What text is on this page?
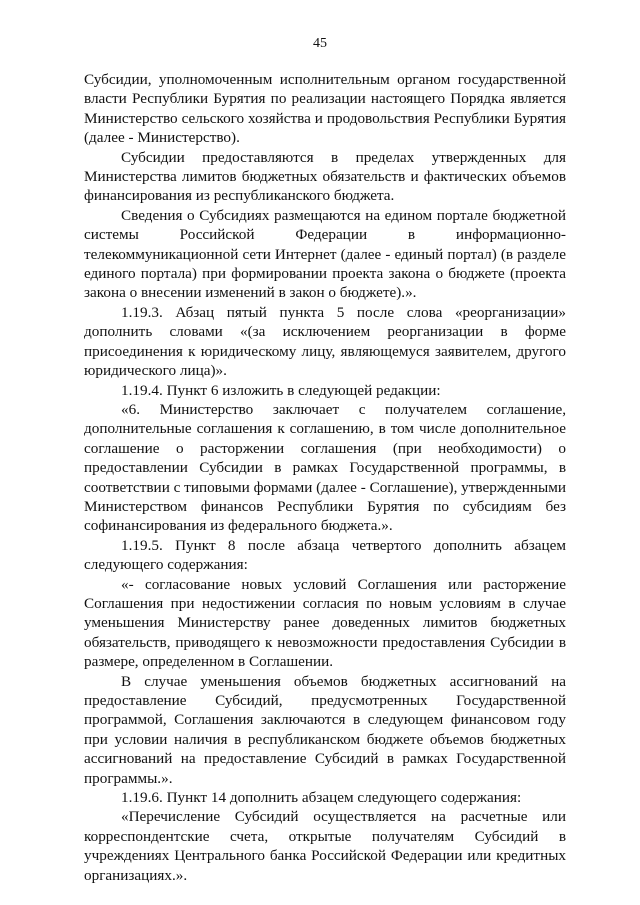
45

Субсидии, уполномоченным исполнительным органом государственной власти Республики Бурятия по реализации настоящего Порядка является Министерство сельского хозяйства и продовольствия Республики Бурятия (далее - Министерство).

Субсидии предоставляются в пределах утвержденных для Министерства лимитов бюджетных обязательств и фактических объемов финансирования из республиканского бюджета.

Сведения о Субсидиях размещаются на едином портале бюджетной системы Российской Федерации в информационно-телекоммуникационной сети Интернет (далее - единый портал) (в разделе единого портала) при формировании проекта закона о бюджете (проекта закона о внесении изменений в закон о бюджете).».

1.19.3. Абзац пятый пункта 5 после слова «реорганизации» дополнить словами «(за исключением реорганизации в форме присоединения к юридическому лицу, являющемуся заявителем, другого юридического лица)».

1.19.4. Пункт 6 изложить в следующей редакции:

«6. Министерство заключает с получателем соглашение, дополнительные соглашения к соглашению, в том числе дополнительное соглашение о расторжении соглашения (при необходимости) о предоставлении Субсидии в рамках Государственной программы, в соответствии с типовыми формами (далее - Соглашение), утвержденными Министерством финансов Республики Бурятия по субсидиям без софинансирования из федерального бюджета.».

1.19.5. Пункт 8 после абзаца четвертого дополнить абзацем следующего содержания:

«- согласование новых условий Соглашения или расторжение Соглашения при недостижении согласия по новым условиям в случае уменьшения Министерству ранее доведенных лимитов бюджетных обязательств, приводящего к невозможности предоставления Субсидии в размере, определенном в Соглашении.

В случае уменьшения объемов бюджетных ассигнований на предоставление Субсидий, предусмотренных Государственной программой, Соглашения заключаются в следующем финансовом году при условии наличия в республиканском бюджете объемов бюджетных ассигнований на предоставление Субсидий в рамках Государственной программы.».

1.19.6. Пункт 14 дополнить абзацем следующего содержания:

«Перечисление Субсидий осуществляется на расчетные или корреспондентские счета, открытые получателям Субсидий в учреждениях Центрального банка Российской Федерации или кредитных организациях.».
